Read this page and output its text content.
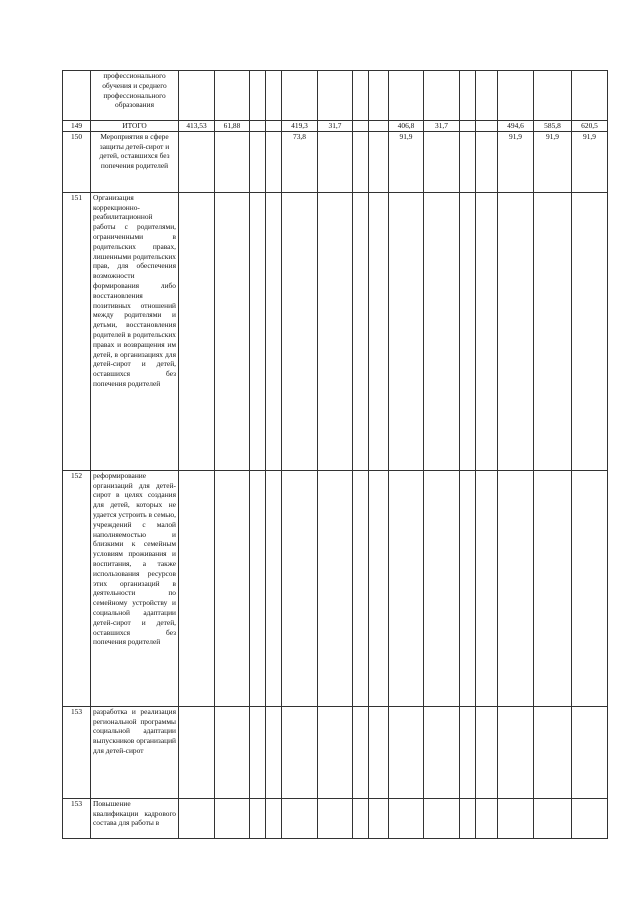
	профессионального обучения и среднего профессионального образования															
149	ИТОГО	413,53	61,88			419,3	31,7			406,8	31,7			494,6	585,8	620,5
150	Мероприятия в сфере защиты детей-сирот и детей, оставшихся без попечения родителей					73,8				91,9				91,9	91,9	91,9
151	Организация коррекционно-реабилитационной работы с родителями, ограниченными в родительских правах, лишенными родительских прав, для обеспечения возможности формирования либо восстановления позитивных отношений между родителями и детьми, восстановления родителей в родительских правах и возвращения им детей, в организациях для детей-сирот и детей, оставшихся без попечения родителей															
152	реформирование организаций для детей-сирот в целях создания для детей, которых не удается устроить в семью, учреждений с малой наполняемостью и близкими к семейным условиям проживания и воспитания, а также использования ресурсов этих организаций в деятельности по семейному устройству и социальной адаптации детей-сирот и детей, оставшихся без попечения родителей															
153	разработка и реализация региональной программы социальной адаптации выпускников организаций для детей-сирот															
153	Повышение квалификации кадрового состава для работы в															
